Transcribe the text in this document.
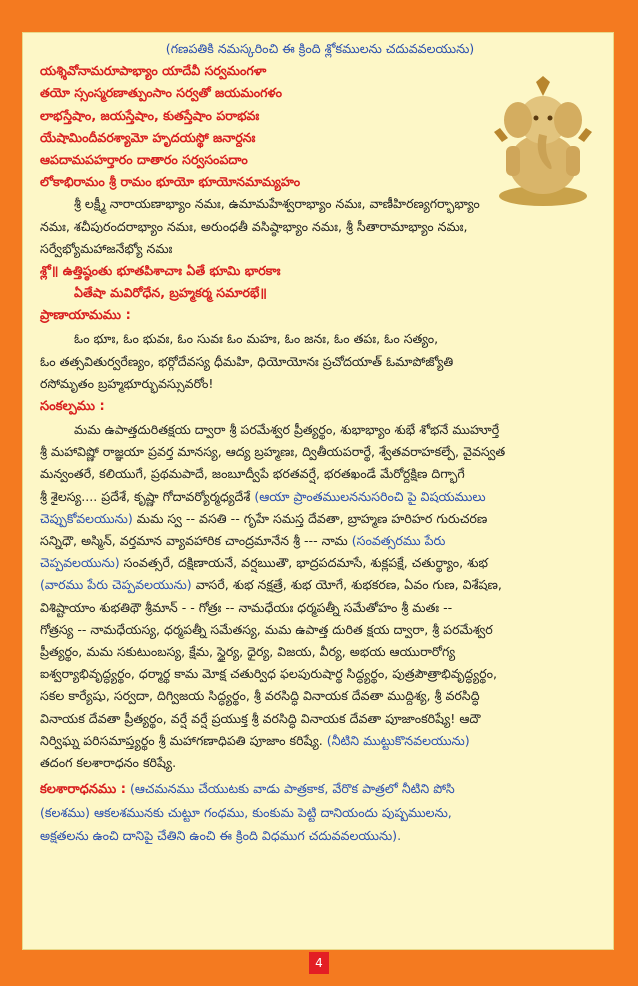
(గణపతికి నమస్కరించి ఈ క్రింది శ్లోకములను చదువవలయును)
యశ్శివోనామరూపాభ్యాం యాదేవీ సర్వమంగళా
తయో స్సంస్మరణాత్పుంసాం సర్వతో జయమంగళం
లాభస్తేషాం, జయస్తేషాం, కుతస్తేషాం పరాభవః
యేషామిందీవరశ్యామో హృదయస్థో జనార్దనః
ఆపదామపహర్తారం దాతారం సర్వసంపదాం
లోకాభిరామం శ్రీ రామం భూయో భూయోనమామ్యహం
శ్రీ లక్ష్మీ నారాయణాభ్యాం నమః, ఉమామహేశ్వరాభ్యాం నమః, వాణీహిరణ్యగర్భాభ్యాం
నమః, శచీపురందరాభ్యాం నమః, అరుంధతీ వసిష్ఠాభ్యాం నమః, శ్రీ సీతారామాభ్యాం నమః,
సర్వేభ్యోమహాజనేభ్యో నమః
శ్లో॥ ఉత్తిష్ఠంతు భూతపిశాచాః ఏతే భూమి భారకాః
ఏతేషా మవిరోధేన, బ్రహ్మకర్మ సమారభే॥
ప్రాణాయామము :
ఓం భూః, ఓం భువః, ఓం సువః ఓం మహః, ఓం జనః, ఓం తపః, ఓం సత్యం,
ఓం తత్సవితుర్వరేణ్యం, భర్గోదేవస్య ధీమహి, ధియోయోనః ప్రచోదయాత్ ఓమాపోజ్యోతి
రసోమృతం బ్రహ్మభూర్భువస్సువరోం!
సంకల్పము :
మమ ఉపాత్తదురితక్షయ ద్వారా శ్రీ పరమేశ్వర ప్రీత్యర్థం, శుభాభ్యాం శుభే శోభనే ముహూర్తే
శ్రీ మహావిష్ణో రాజ్ఞయా ప్రవర్త మానస్య, ఆద్య బ్రహ్మణః, ద్వితీయపరార్థే, శ్వేతవరాహకల్పే, వైవస్వత
మన్వంతరే, కలియుగే, ప్రథమపాదే, జంబూద్వీపే భరతవర్షే, భరతఖండే మేరోర్దక్షిణ దిగ్భాగే
శ్రీ శైలస్య.... ప్రదేశే, కృష్ణా గోదావర్యోర్మధ్యదేశే (ఆయా ప్రాంతములననుసరించి పై విషయములు
చెప్పుకోవలయును) మమ స్వ -- వసతి -- గృహే సమస్త దేవతా, బ్రాహ్మణ హరిహర గురుచరణ
సన్నిధౌ, అస్మిన్, వర్తమాన వ్యావహారిక చాంద్రమానేన శ్రీ --- నామ (సంవత్సరము పేరు
చెప్పవలయును) సంవత్సరే, దక్షిణాయనే, వర్షఋతౌ, భాద్రపదమాసే, శుక్లపక్షే, చతుర్థ్యాం, శుభ
(వారము పేరు చెప్పవలయును) వాసరే, శుభ నక్షత్రే, శుభ యోగే, శుభకరణ, ఏవం గుణ, విశేషణ,
విశిష్టాయాం శుభతిథౌ శ్రీమాన్ - - గోత్రః -- నామధేయః ధర్మపత్నీ సమేతోహం శ్రీ మతః --
గోత్రస్య -- నామధేయస్య, ధర్మపత్నీ సమేతస్య, మమ ఉపాత్త దురిత క్షయ ద్వారా, శ్రీ పరమేశ్వర
ప్రీత్యర్థం, మమ సకుటుంబస్య, క్షేమ, స్థైర్య, ధైర్య, విజయ, వీర్య, అభయ ఆయురారోగ్య
ఐశ్వర్యాభివృద్ధ్యర్థం, ధర్మార్థ కామ మోక్ష చతుర్విధ ఫలపురుషార్థ సిద్ధ్యర్థం, పుత్రపౌత్రాభివృద్ధ్యర్థం,
సకల కార్యేషు, సర్వదా, దిగ్విజయ సిద్ధ్యర్థం, శ్రీ వరసిద్ధి వినాయక దేవతా ముద్దిశ్య, శ్రీ వరసిద్ధి
వినాయక దేవతా ప్రీత్యర్థం, వర్షే వర్షే ప్రయుక్త శ్రీ వరసిద్ధి వినాయక దేవతా పూజాంకరిష్యే! ఆదౌ
నిర్విఘ్న పరిసమాప్త్యర్థం శ్రీ మహాగణాధిపతి పూజాం కరిష్యే. (నీటిని ముట్టుకొనవలయును)
తదంగ కలశారాధనం కరిష్యే.
కలశారాధనము : (ఆచమనము చేయుటకు వాడు పాత్రకాక, వేరొక పాత్రలో నీటిని పోసి
(కలశము) ఆకలశమునకు చుట్టూ గంధము, కుంకుమ పెట్టి దానియందు పుష్పములను,
అక్షతలను ఉంచి దానిపై చేతిని ఉంచి ఈ క్రింది విధముగ చదువవలయును).
4
